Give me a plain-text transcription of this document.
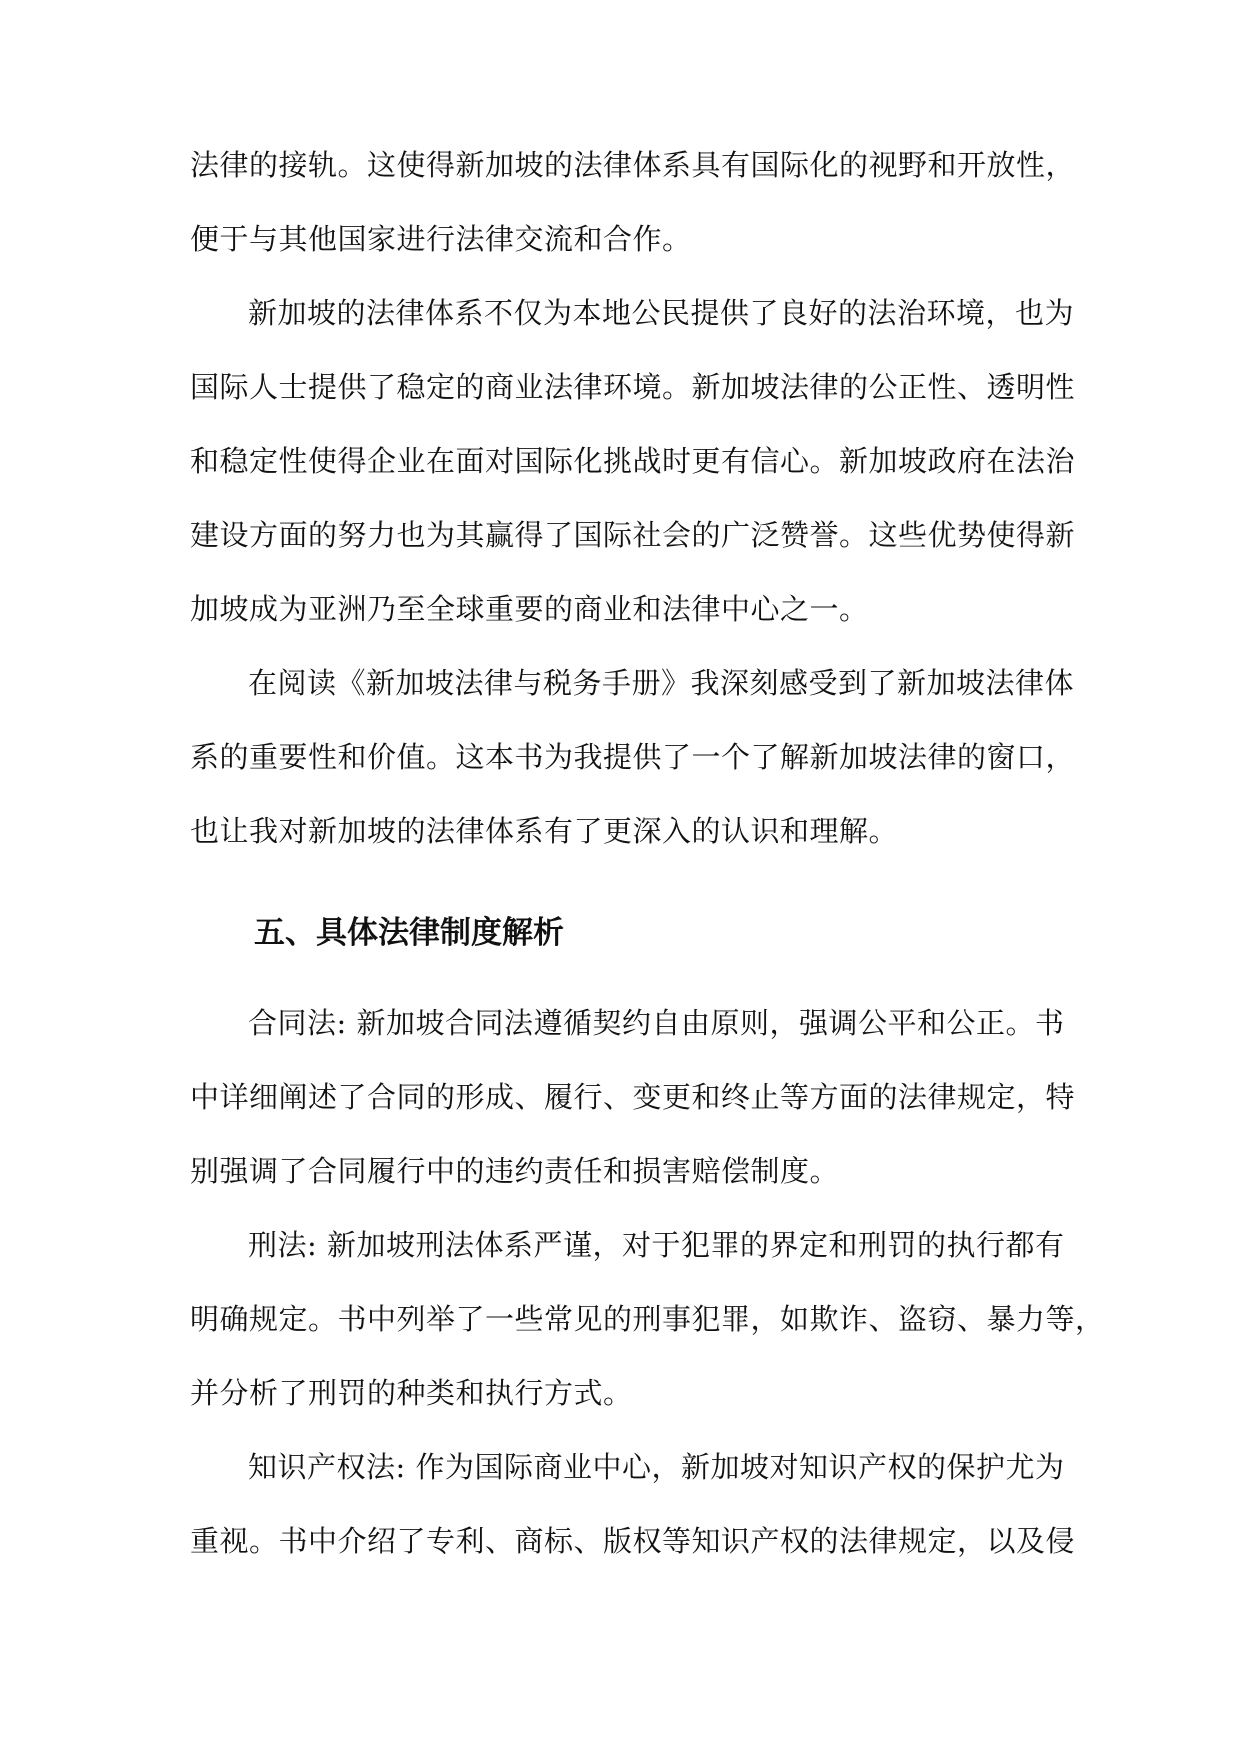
法律的接轨。这使得新加坡的法律体系具有国际化的视野和开放性，

便于与其他国家进行法律交流和合作。

新加坡的法律体系不仅为本地公民提供了良好的法治环境，也为

国际人士提供了稳定的商业法律环境。新加坡法律的公正性、透明性

和稳定性使得企业在面对国际化挑战时更有信心。新加坡政府在法治

建设方面的努力也为其赢得了国际社会的广泛赞誉。这些优势使得新

加坡成为亚洲乃至全球重要的商业和法律中心之一。

在阅读《新加坡法律与税务手册》我深刻感受到了新加坡法律体

系的重要性和价值。这本书为我提供了一个了解新加坡法律的窗口，

也让我对新加坡的法律体系有了更深入的认识和理解。

五、具体法律制度解析

合同法: 新加坡合同法遵循契约自由原则，强调公平和公正。书

中详细阐述了合同的形成、履行、变更和终止等方面的法律规定，特

别强调了合同履行中的违约责任和损害赔偿制度。

刑法: 新加坡刑法体系严谨，对于犯罪的界定和刑罚的执行都有

明确规定。书中列举了一些常见的刑事犯罪，如欺诈、盗窃、暴力等，

并分析了刑罚的种类和执行方式。

知识产权法: 作为国际商业中心，新加坡对知识产权的保护尤为

重视。书中介绍了专利、商标、版权等知识产权的法律规定，以及侵
